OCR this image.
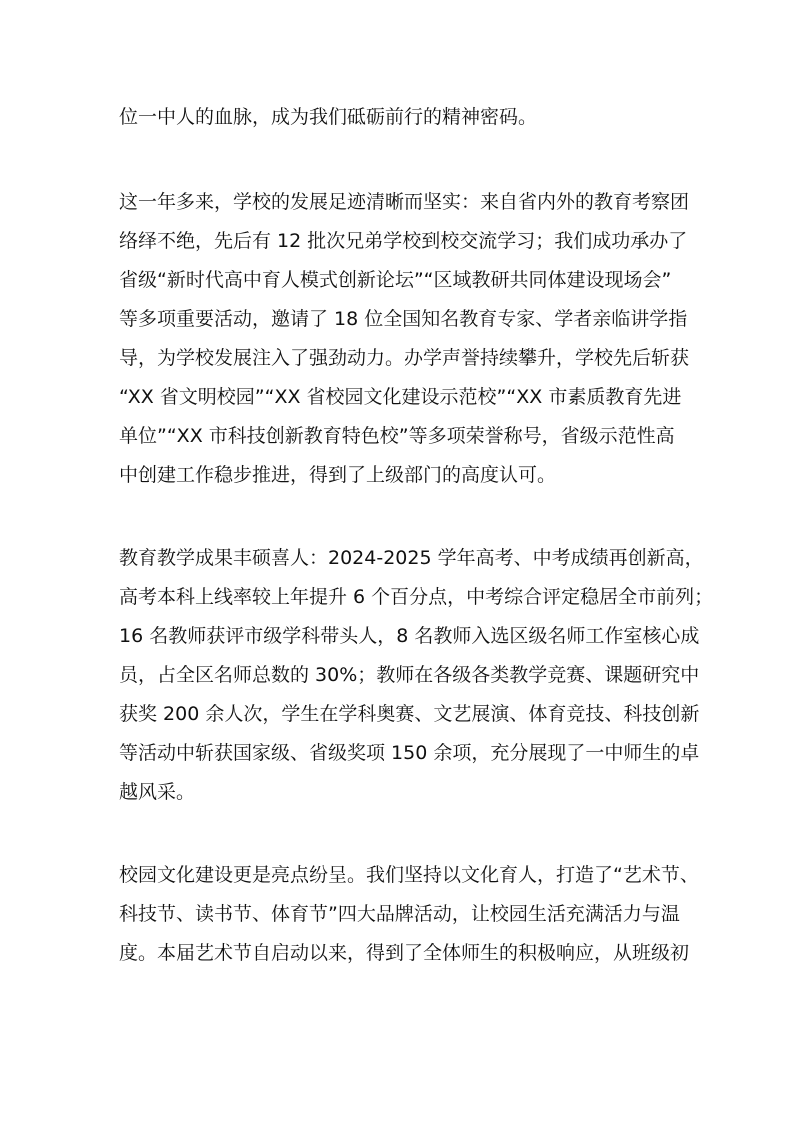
位一中人的血脉，成为我们砥砺前行的精神密码。
这一年多来，学校的发展足迹清晰而坚实：来自省内外的教育考察团
络绎不绝，先后有 12 批次兄弟学校到校交流学习；我们成功承办了
省级“新时代高中育人模式创新论坛”“区域教研共同体建设现场会”
等多项重要活动，邀请了 18 位全国知名教育专家、学者亲临讲学指
导，为学校发展注入了强劲动力。办学声誉持续攀升，学校先后斩获
“XX 省文明校园”“XX 省校园文化建设示范校”“XX 市素质教育先进
单位”“XX 市科技创新教育特色校”等多项荣誉称号，省级示范性高
中创建工作稳步推进，得到了上级部门的高度认可。
教育教学成果丰硕喜人：2024-2025 学年高考、中考成绩再创新高，
高考本科上线率较上年提升 6 个百分点，中考综合评定稳居全市前列；
16 名教师获评市级学科带头人，8 名教师入选区级名师工作室核心成
员，占全区名师总数的 30%；教师在各级各类教学竞赛、课题研究中
获奖 200 余人次，学生在学科奥赛、文艺展演、体育竞技、科技创新
等活动中斩获国家级、省级奖项 150 余项，充分展现了一中师生的卓
越风采。
校园文化建设更是亮点纷呈。我们坚持以文化育人，打造了“艺术节、
科技节、读书节、体育节”四大品牌活动，让校园生活充满活力与温
度。本届艺术节自启动以来，得到了全体师生的积极响应，从班级初
